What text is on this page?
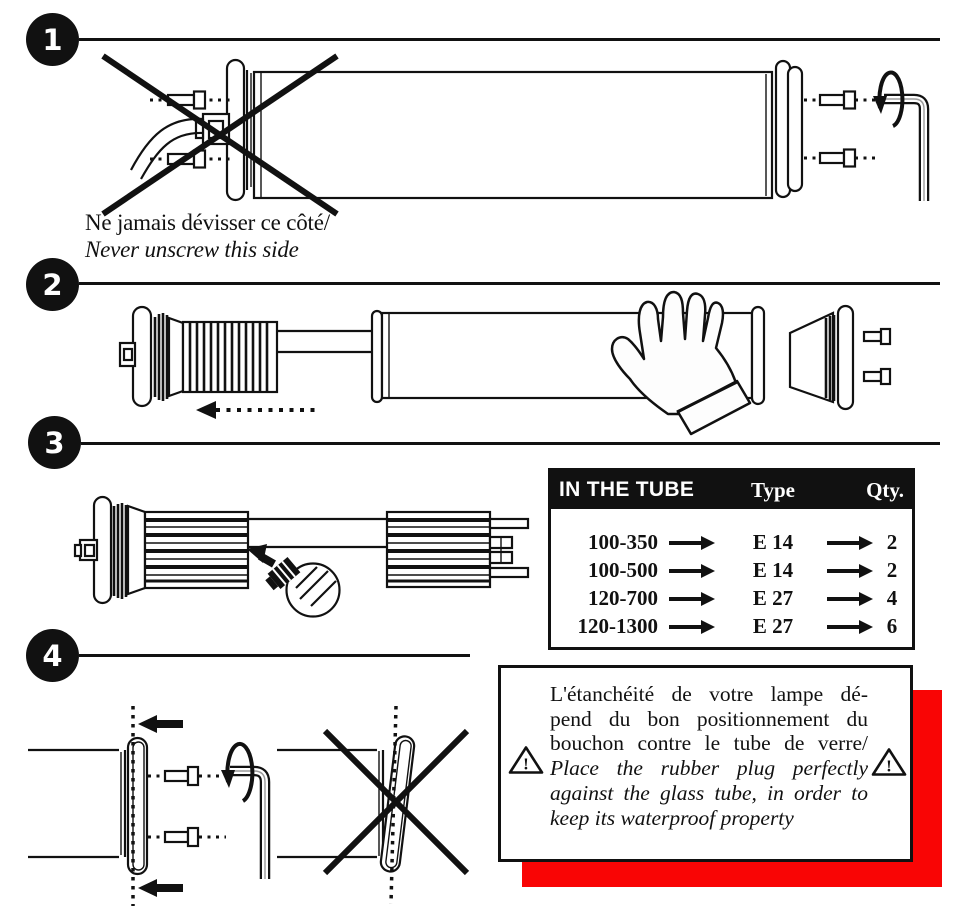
1
2
3
4
Ne jamais dévisser ce côté/
Never unscrew this side
IN THE TUBE	Type	Qty.
100-350	E 14	2
100-500	E 14	2
120-700	E 27	4
120-1300	E 27	6
!	!
L'étanchéité de votre lampe dé-
pend du bon positionnement du
bouchon contre le tube de verre/
Place the rubber plug perfectly
against the glass tube, in order to
keep its waterproof property
